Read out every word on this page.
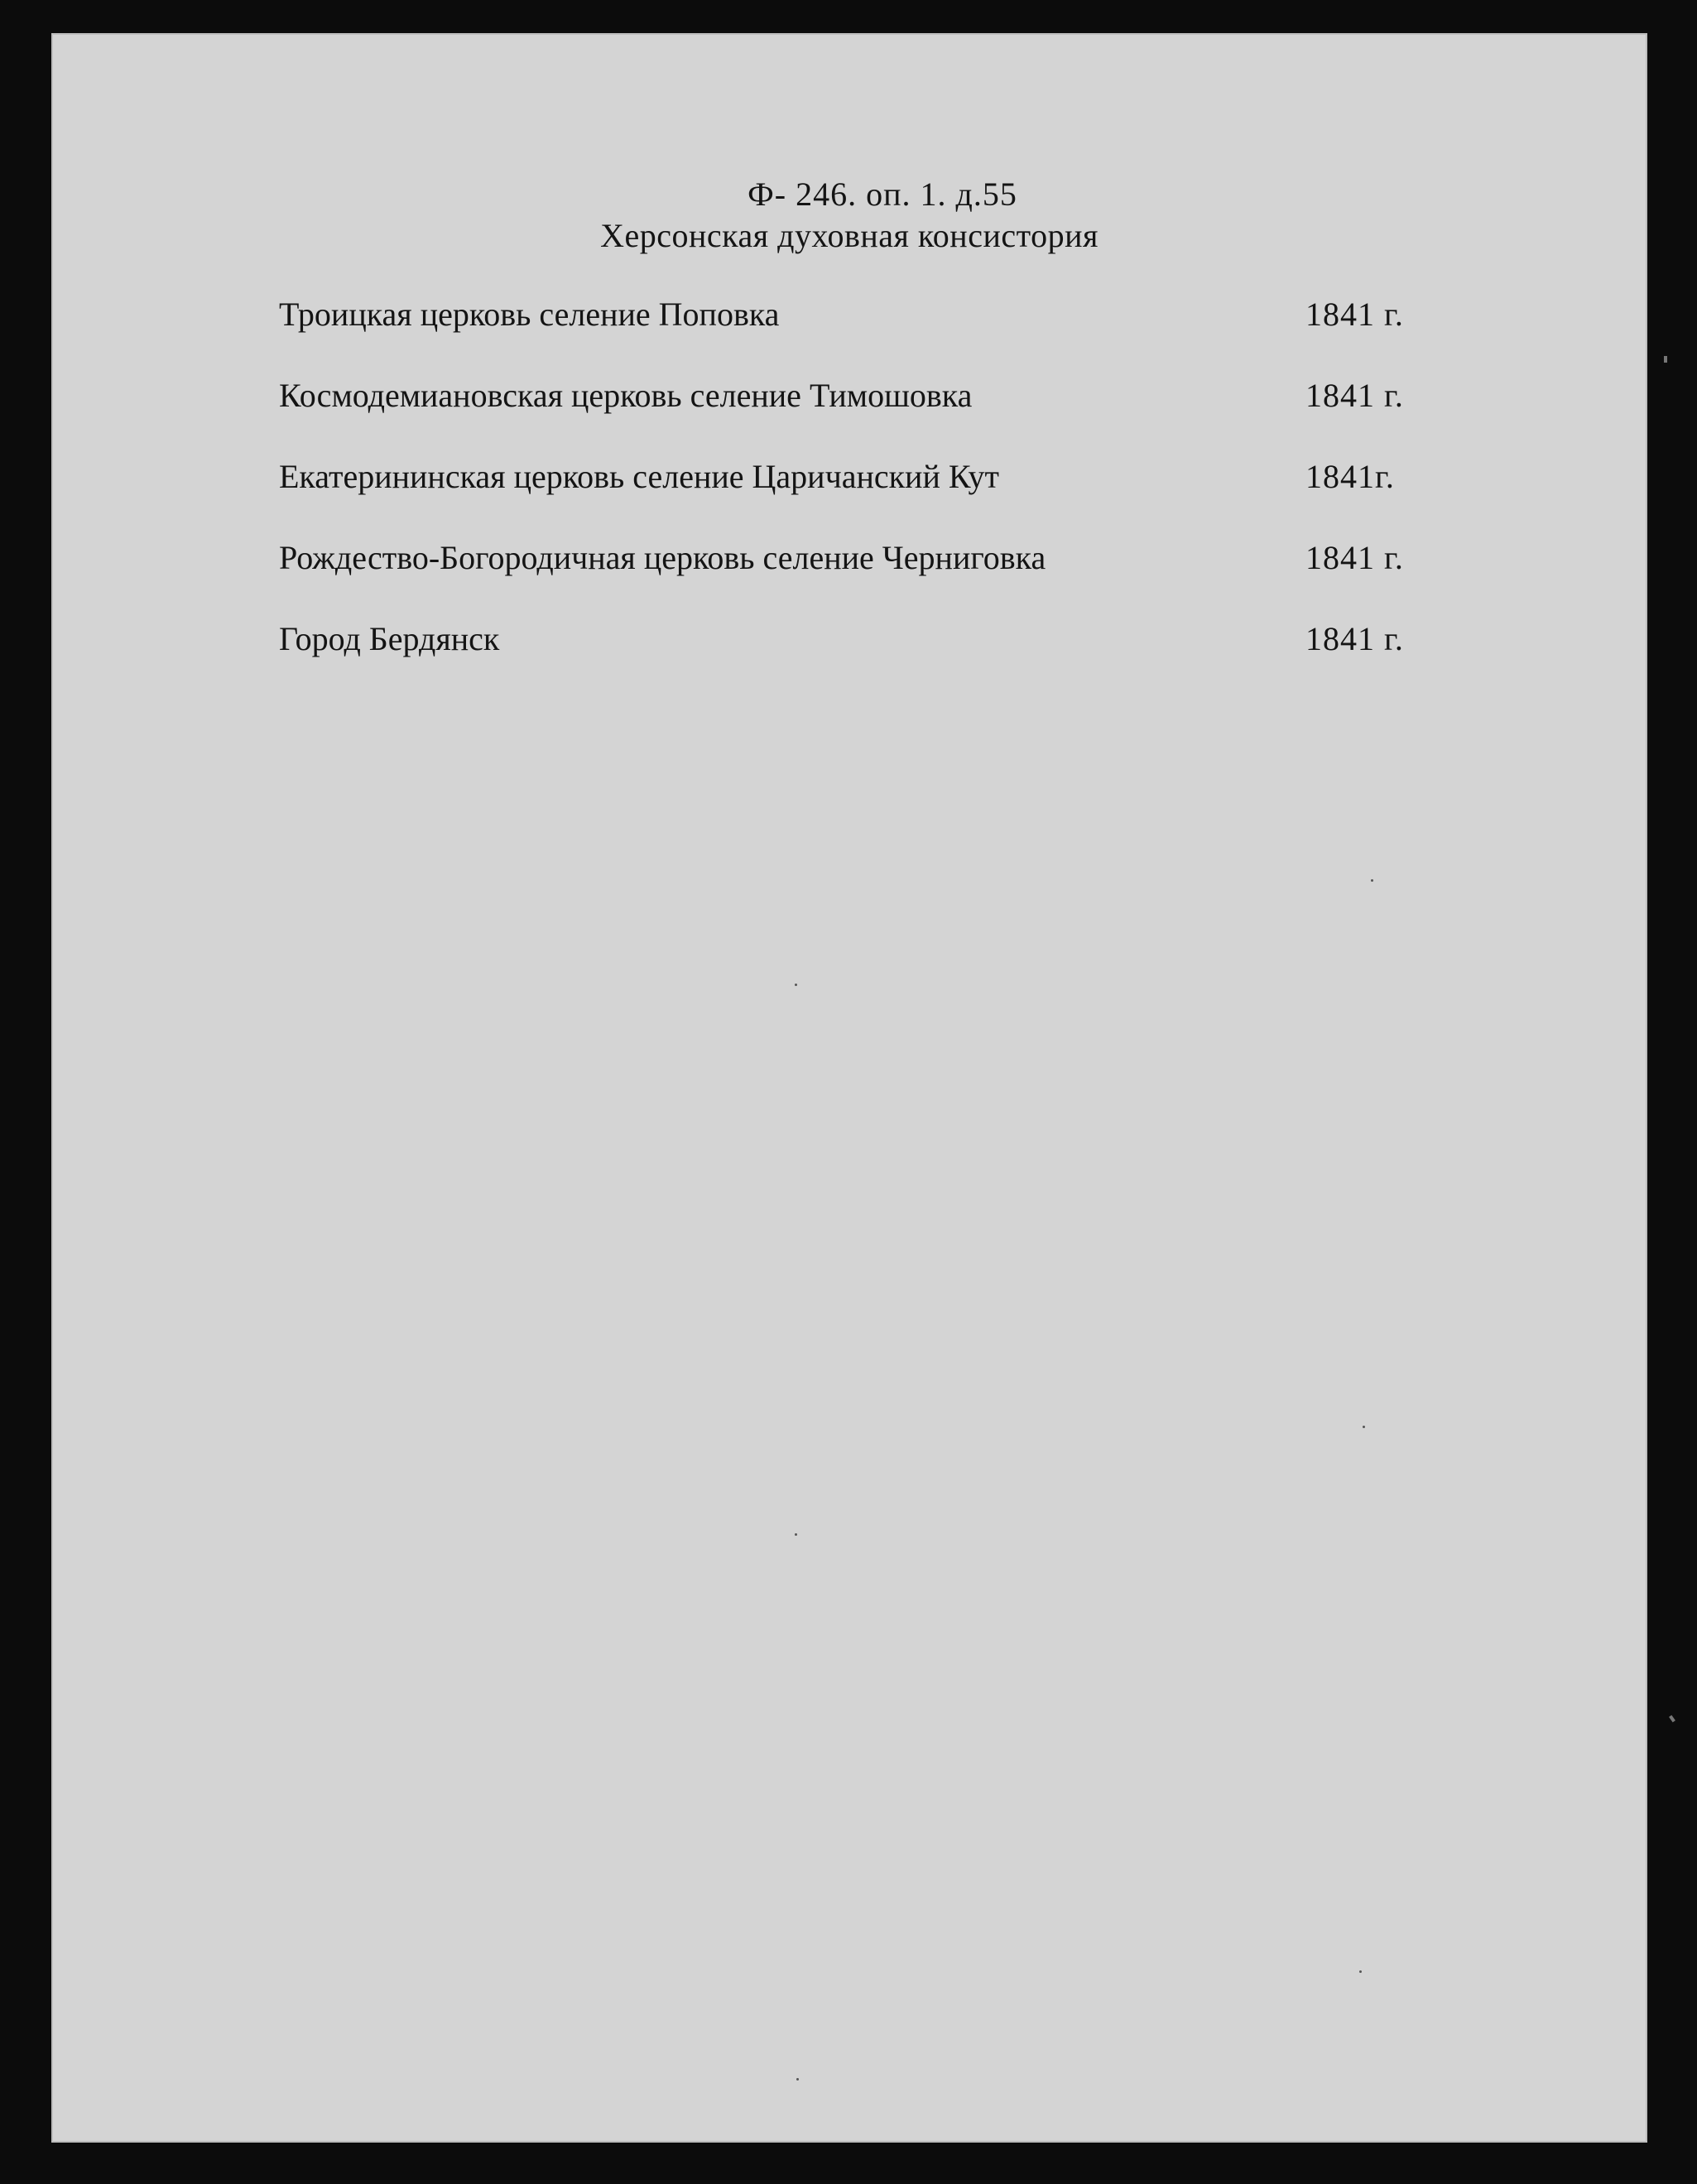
Ф- 246. оп. 1. д.55
Херсонская духовная консистория
Троицкая церковь селение Поповка	1841 г.
Космодемиановская церковь селение Тимошовка	1841 г.
Екатерининская церковь селение Царичанский Кут	1841г.
Рождество-Богородичная церковь селение Черниговка	1841 г.
Город Бердянск	1841 г.
